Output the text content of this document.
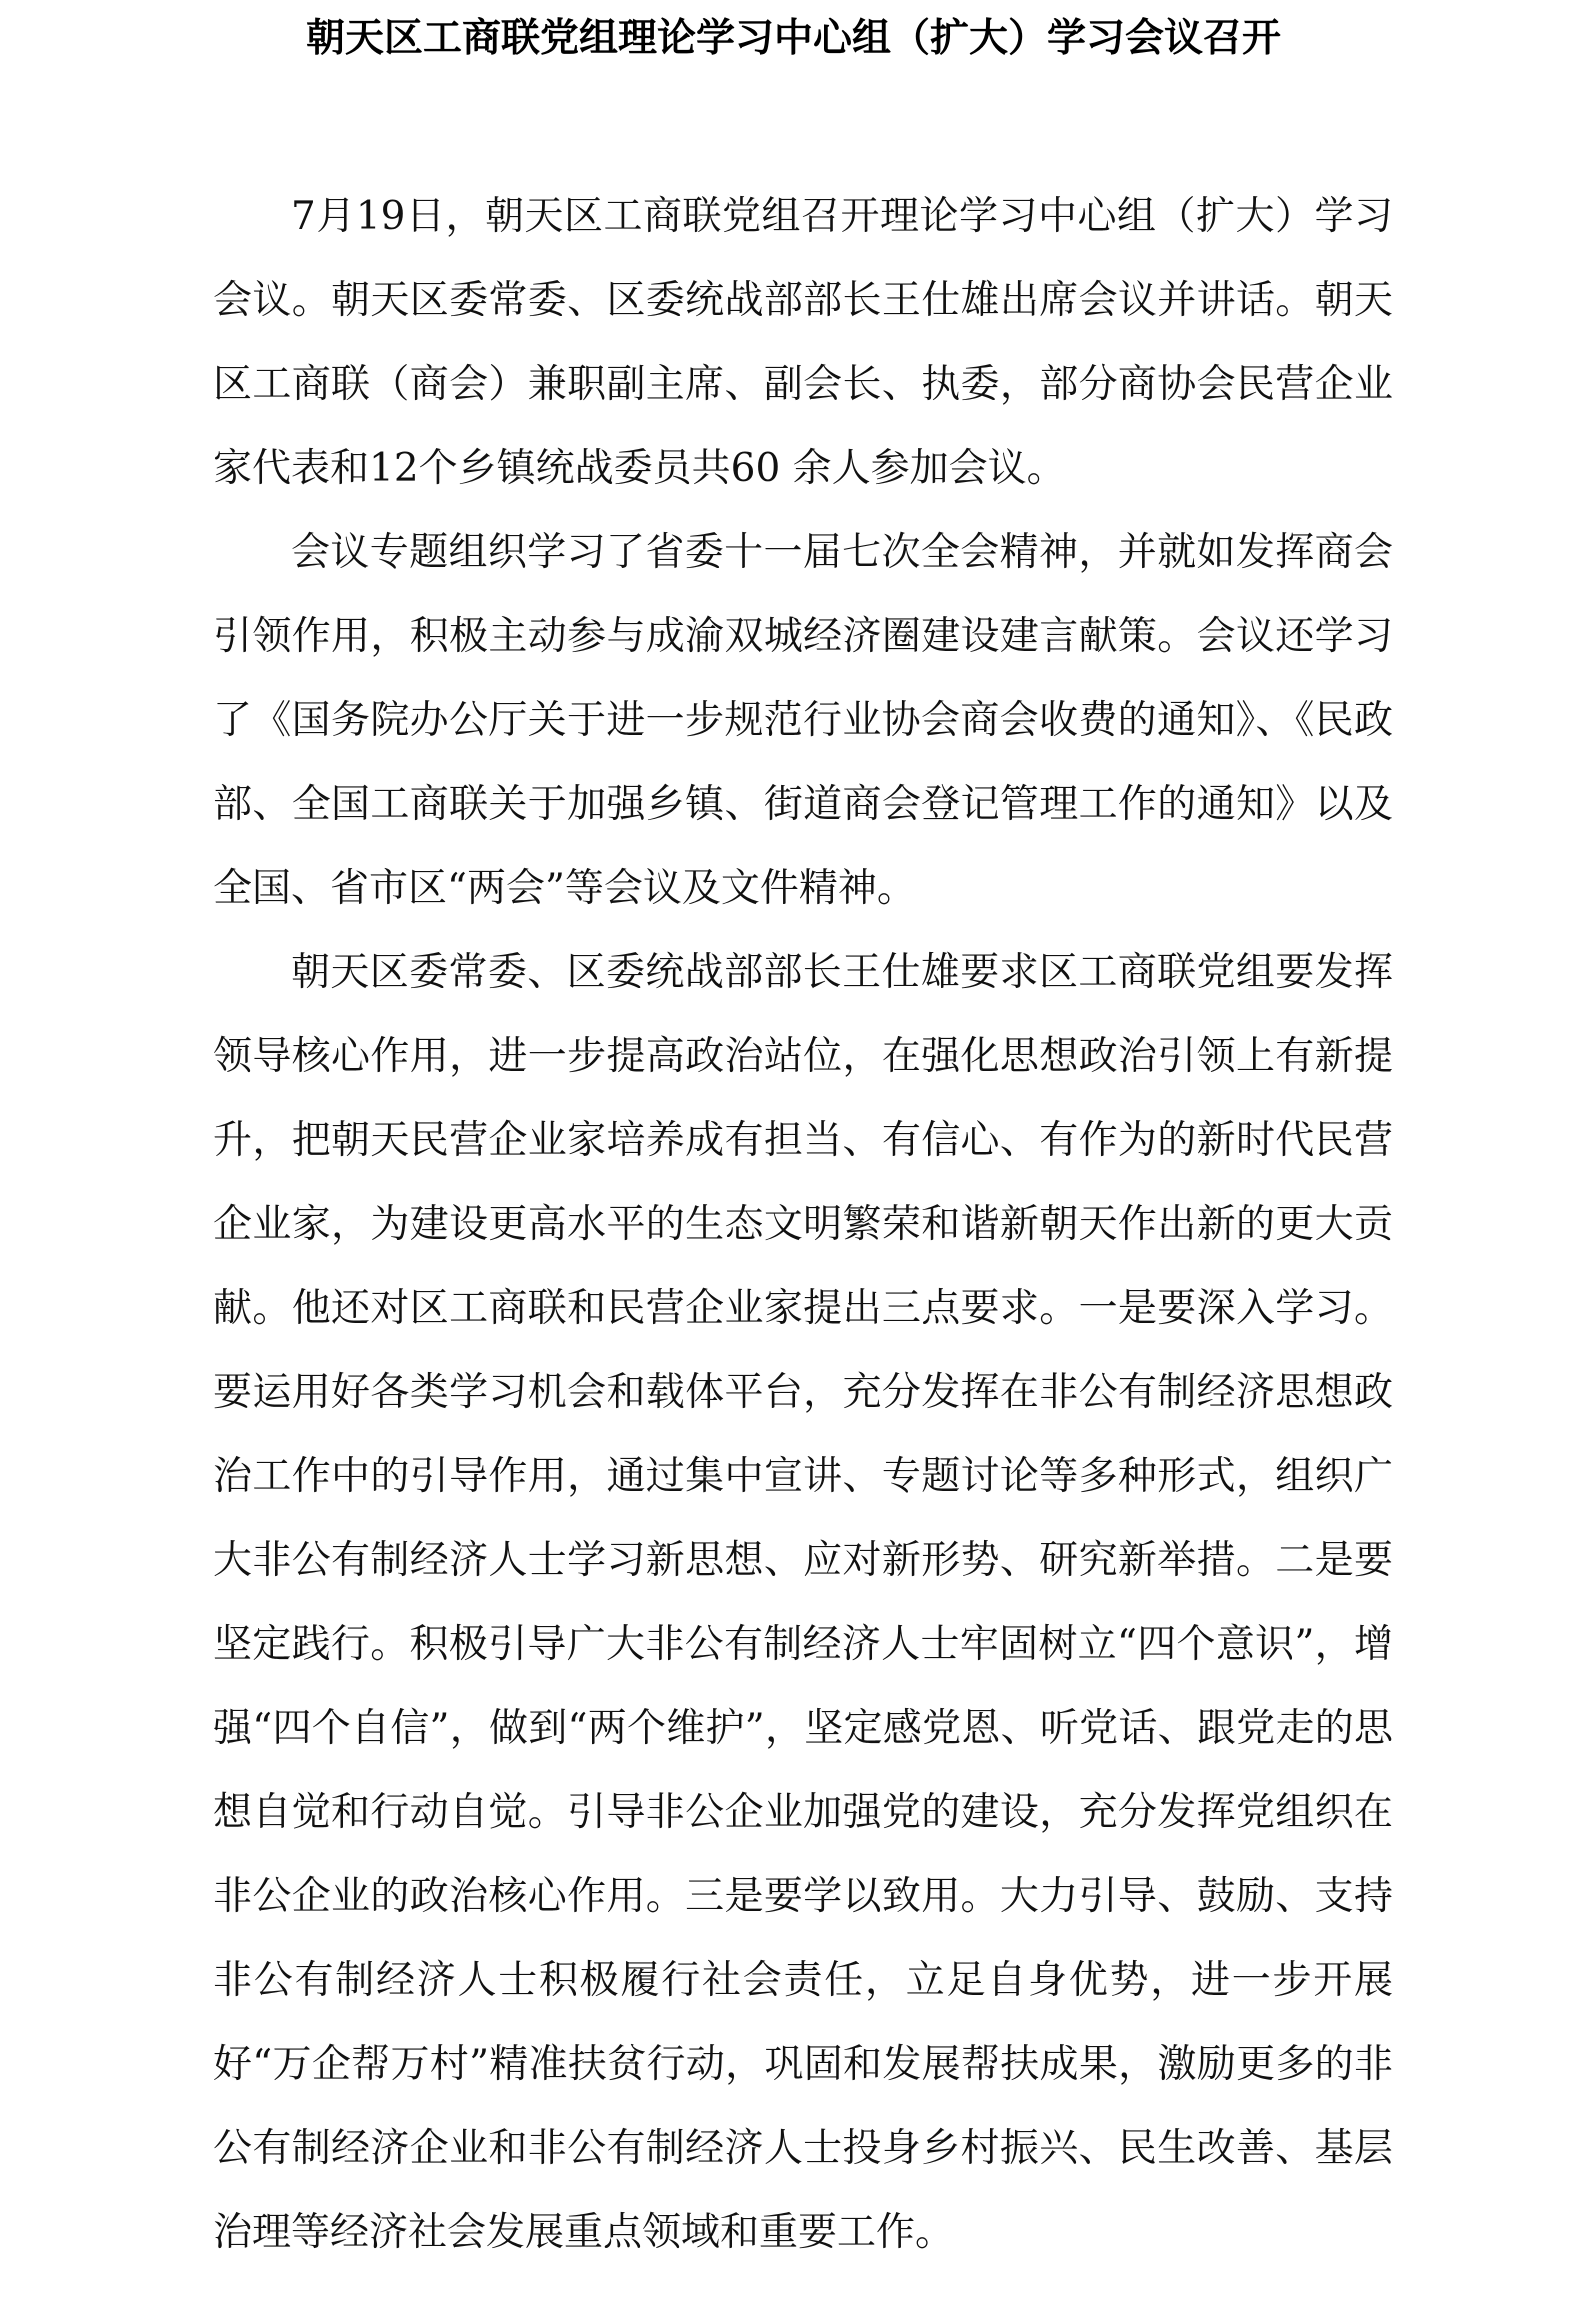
朝天区工商联党组理论学习中心组（扩大）学习会议召开

7月19日，朝天区工商联党组召开理论学习中心组（扩大）学习会议。朝天区委常委、区委统战部部长王仕雄出席会议并讲话。朝天区工商联（商会）兼职副主席、副会长、执委，部分商协会民营企业家代表和12个乡镇统战委员共60 余人参加会议。

会议专题组织学习了省委十一届七次全会精神，并就如发挥商会引领作用，积极主动参与成渝双城经济圈建设建言献策。会议还学习了《国务院办公厅关于进一步规范行业协会商会收费的通知》、《民政部、全国工商联关于加强乡镇、街道商会登记管理工作的通知》以及全国、省市区“两会”等会议及文件精神。

朝天区委常委、区委统战部部长王仕雄要求区工商联党组要发挥领导核心作用，进一步提高政治站位，在强化思想政治引领上有新提升，把朝天民营企业家培养成有担当、有信心、有作为的新时代民营企业家，为建设更高水平的生态文明繁荣和谐新朝天作出新的更大贡献。他还对区工商联和民营企业家提出三点要求。一是要深入学习。要运用好各类学习机会和载体平台，充分发挥在非公有制经济思想政治工作中的引导作用，通过集中宣讲、专题讨论等多种形式，组织广大非公有制经济人士学习新思想、应对新形势、研究新举措。二是要坚定践行。积极引导广大非公有制经济人士牢固树立“四个意识”，增强“四个自信”，做到“两个维护”，坚定感党恩、听党话、跟党走的思想自觉和行动自觉。引导非公企业加强党的建设，充分发挥党组织在非公企业的政治核心作用。三是要学以致用。大力引导、鼓励、支持非公有制经济人士积极履行社会责任，立足自身优势，进一步开展好“万企帮万村”精准扶贫行动，巩固和发展帮扶成果，激励更多的非公有制经济企业和非公有制经济人士投身乡村振兴、民生改善、基层治理等经济社会发展重点领域和重要工作。
